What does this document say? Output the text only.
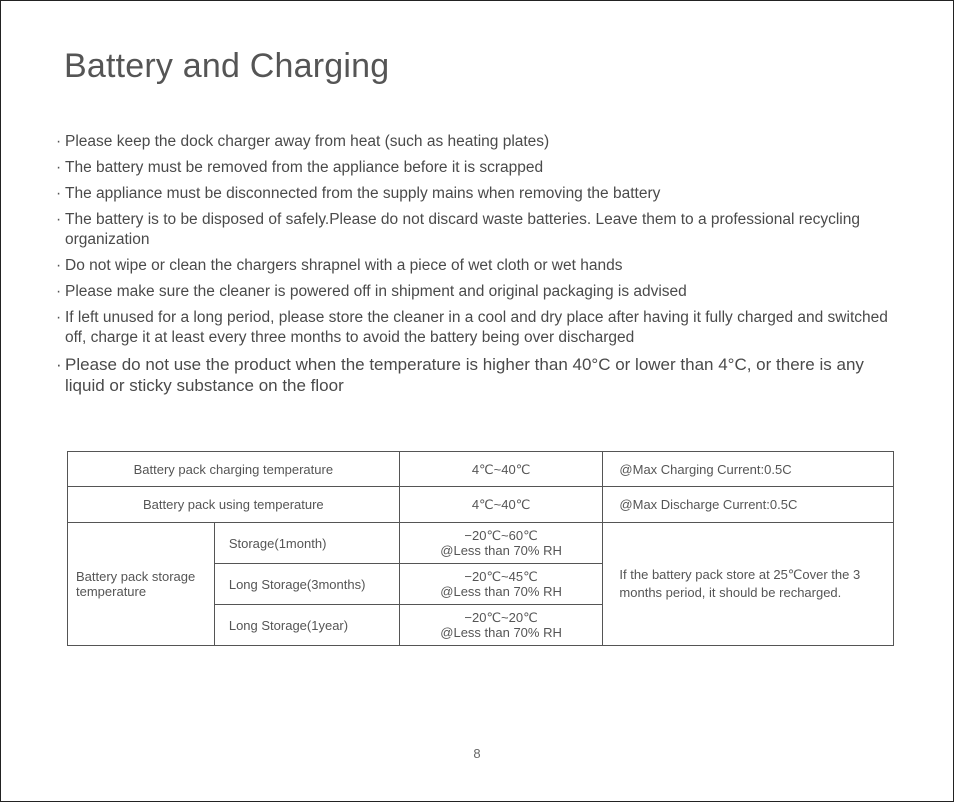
Battery and Charging
· Please keep the dock charger away from heat (such as heating plates)
· The battery must be removed from the appliance before it is scrapped
· The appliance must be disconnected from the supply mains when removing the battery
· The battery is to be disposed of safely.Please do not discard waste batteries. Leave them to a professional recycling organization
· Do not wipe or clean the chargers shrapnel with a piece of wet cloth or wet hands
· Please make sure the cleaner is powered off in shipment and original packaging is advised
· If left unused for a long period, please store the cleaner in a cool and dry place after having it fully charged and switched off, charge it at least every three months to avoid the battery being over discharged
· Please do not use the product when the temperature is higher than 40°C or lower than 4°C, or there is any liquid or sticky substance on the floor
Battery pack charging temperature		4℃~40℃	@Max Charging Current:0.5C
Battery pack using temperature		4℃~40℃	@Max Discharge Current:0.5C
Battery pack storage temperature	Storage(1month)	−20℃~60℃
@Less than 70% RH	If the battery pack store at 25℃over the 3 months period, it should be recharged.
	Long Storage(3months)	−20℃~45℃
@Less than 70% RH	

	Long Storage(1year)	−20℃~20℃
@Less than 70% RH	
8
